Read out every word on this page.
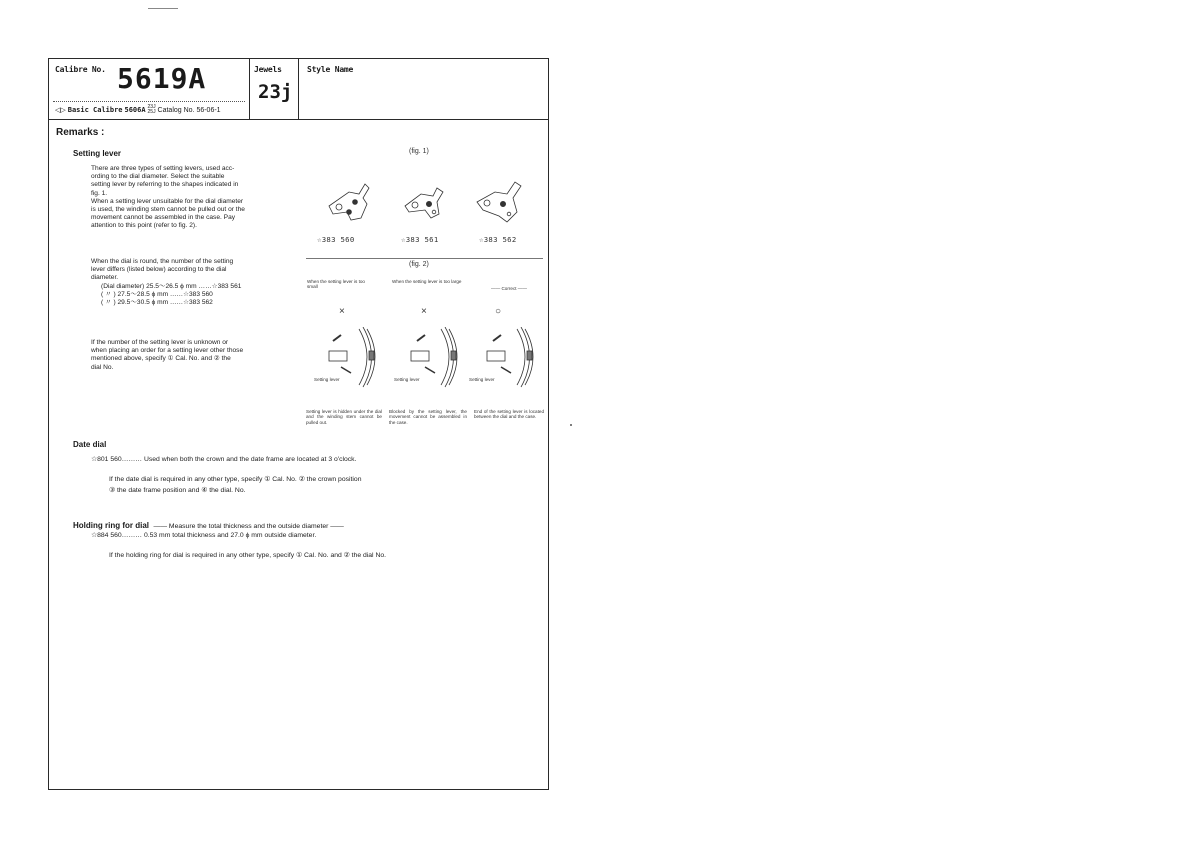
Calibre No. 5619A
◁▷ Basic Calibre 5606A 23J
25J Catalog No. 56-06-1
Jewels
23j
Style Name
Remarks :
Setting lever

There are three types of setting levers, used acc-

ording to the dial diameter. Select the suitable

setting lever by referring to the shapes indicated in

fig. 1.

When a setting lever unsuitable for the dial diameter

is used, the winding stem cannot be pulled out or the

movement cannot be assembled in the case. Pay

attention to this point (refer to fig. 2).

When the dial is round, the number of the setting

lever differs (listed below) according to the dial

diameter.

(Dial diameter) 25.5～26.5 ϕ mm ……☆383 561

( 〃 ) 27.5～28.5 ϕ mm ……☆383 560

( 〃 ) 29.5～30.5 ϕ mm ……☆383 562

If the number of the setting lever is unknown or

when placing an order for a setting lever other those

mentioned above, specify ① Cal. No. and ② the

dial No.

(fig. 1)
☆383 560	☆383 561	☆383 562
(fig. 2)
When the setting lever is too small
When the setting lever is too large
—— Correct ——
×	×	○
Setting lever	Setting lever	Setting lever
Setting lever is hidden under the dial and the winding stem cannot be pulled out.
Blocked by the setting lever, the movement cannot be assembled in the case.
End of the setting lever is located between the dial and the case.
Date dial
☆801 560……… Used when both the crown and the date frame are located at 3 o'clock.
If the date dial is required in any other type, specify ① Cal. No. ② the crown position
③ the date frame position and ④ the dial. No.
Holding ring for dial —— Measure the total thickness and the outside diameter ——
☆884 560……… 0.53 mm total thickness and 27.0 ϕ mm outside diameter.
If the holding ring for dial is required in any other type, specify ① Cal. No. and ② the dial No.
